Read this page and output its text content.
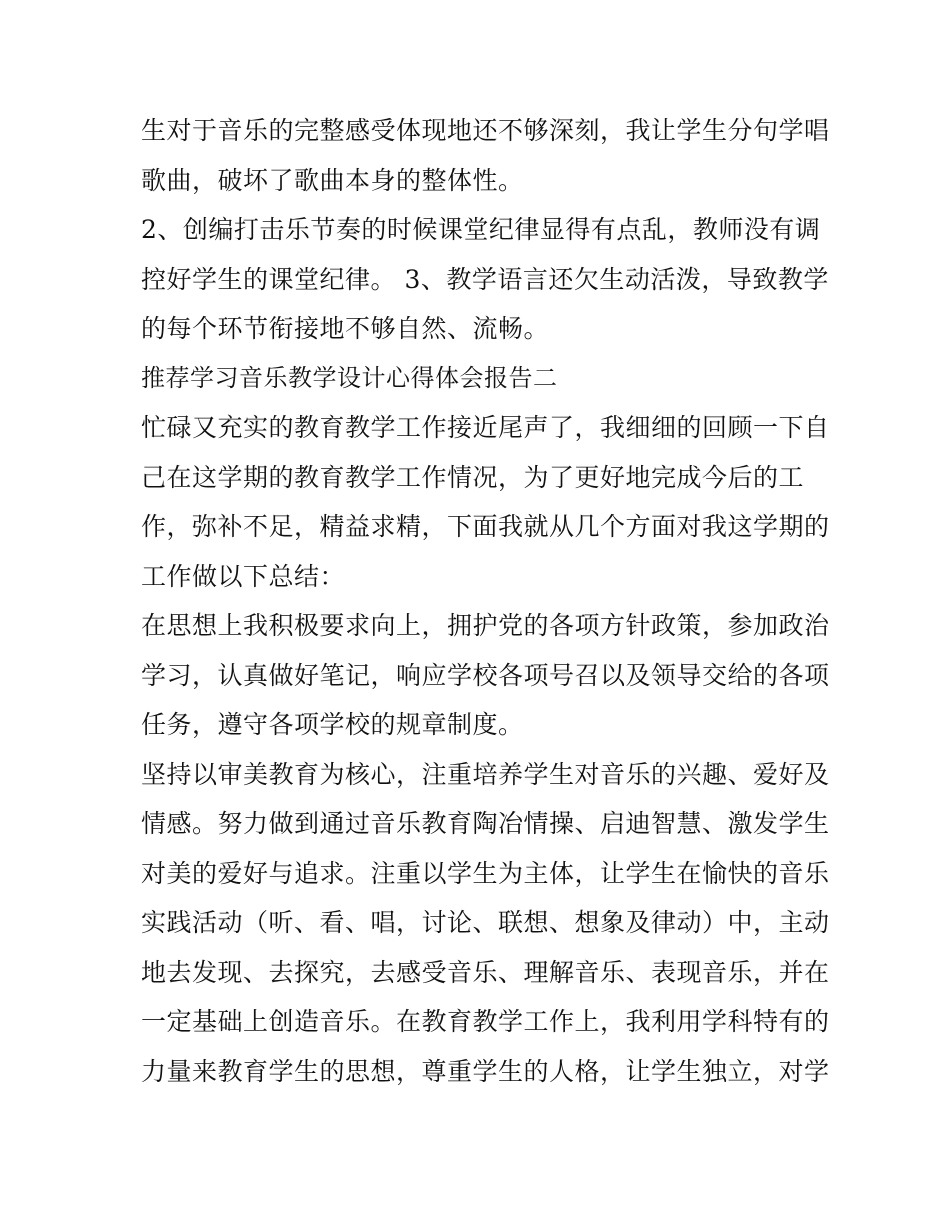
生对于音乐的完整感受体现地还不够深刻，我让学生分句学唱
歌曲，破坏了歌曲本身的整体性。
2、创编打击乐节奏的时候课堂纪律显得有点乱，教师没有调
控好学生的课堂纪律。 3、教学语言还欠生动活泼，导致教学
的每个环节衔接地不够自然、流畅。
推荐学习音乐教学设计心得体会报告二
忙碌又充实的教育教学工作接近尾声了，我细细的回顾一下自
己在这学期的教育教学工作情况，为了更好地完成今后的工
作，弥补不足，精益求精，下面我就从几个方面对我这学期的
工作做以下总结：
在思想上我积极要求向上，拥护党的各项方针政策，参加政治
学习，认真做好笔记，响应学校各项号召以及领导交给的各项
任务，遵守各项学校的规章制度。
坚持以审美教育为核心，注重培养学生对音乐的兴趣、爱好及
情感。努力做到通过音乐教育陶冶情操、启迪智慧、激发学生
对美的爱好与追求。注重以学生为主体，让学生在愉快的音乐
实践活动（听、看、唱，讨论、联想、想象及律动）中，主动
地去发现、去探究，去感受音乐、理解音乐、表现音乐，并在
一定基础上创造音乐。在教育教学工作上，我利用学科特有的
力量来教育学生的思想，尊重学生的人格，让学生独立，对学
